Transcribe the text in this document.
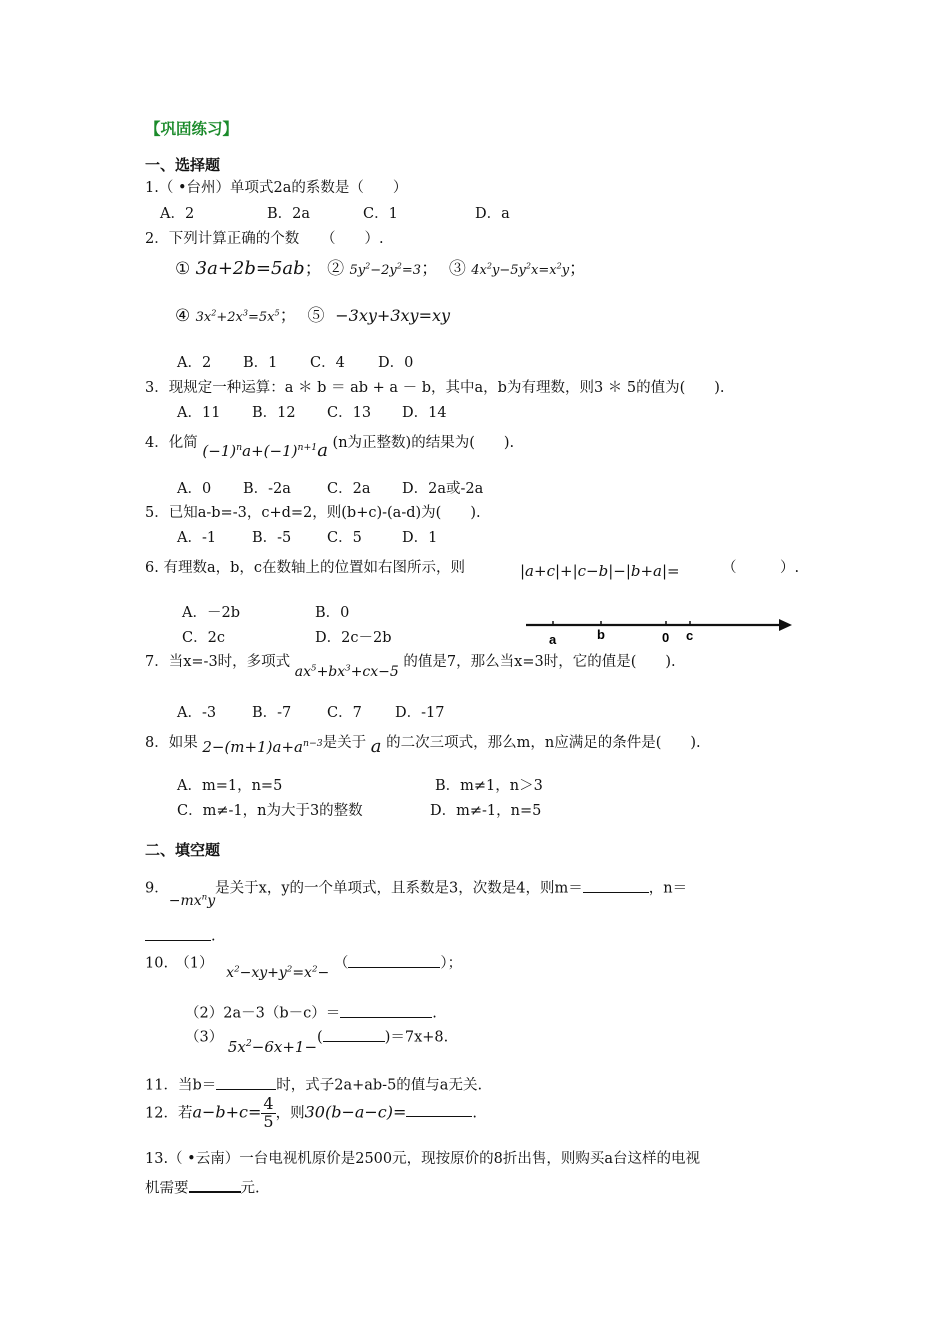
【巩固练习】
一、选择题
1.（ •台州）单项式2a的系数是（　　）
A．2	B．2a	C．1	D．a
2．下列计算正确的个数　　（　　）.
① 3a+2b=5ab； ② $5y^2-2y^2=3$； ③ $4x^2y-5y^2x=x^2y$；
④ $3x^2+2x^3=5x^5$； ⑤ −3xy+3xy=xy
A．2 B．1 C．4 D．0
3．现规定一种运算：a ＊ b ＝ ab + a － b，其中a，b为有理数，则3 ＊ 5的值为(　　).
A．11 B．12 C．13 D．14
4．化简 $(-1)^na+(-1)^{n+1}a$ (n为正整数)的结果为(　　).
A．0 B．-2a C．2a D．2a或-2a
5．已知a-b=-3，c+d=2，则(b+c)-(a-d)为(　　).
A．-1 B．-5 C．5	D．1
6. 有理数a，b，c在数轴上的位置如右图所示，则	|a+c|+|c−b|−|b+a|=	（　　　）.
A．－2b	B．0
C．2c	D．2c－2b	a	b	0 c
7．当x=-3时，多项式 $ax^5+bx^3+cx-5$ 的值是7，那么当x=3时，它的值是(　　).
A．-3 B．-7 C．7 D．-17
8．如果 $2-(m+1)a+a^{n-3}$是关于 a 的二次三项式，那么m，n应满足的条件是(　　).
A．m=1，n=5	B．m≠1，n＞3
C．m≠-1，n为大于3的整数	D．m≠-1，n=5
二、填空题
9．$-mx^ny$是关于x，y的一个单项式，且系数是3，次数是4，则m＝	，n＝
.
10.　（1） $x^2-xy+y^2=x^2-$ （	）；
（2）2a－3（b－c）＝	.
（3） $5x^2-6x+1-$(	)＝7x+8.
11．当b＝	时，式子2a+ab-5的值与a无关.
12．若$a-b+c= \frac{4}{5}$ ，则30(b−a−c)=	.
13.（ •云南）一台电视机原价是2500元，现按原价的8折出售，则购买a台这样的电视
机需要	元.
